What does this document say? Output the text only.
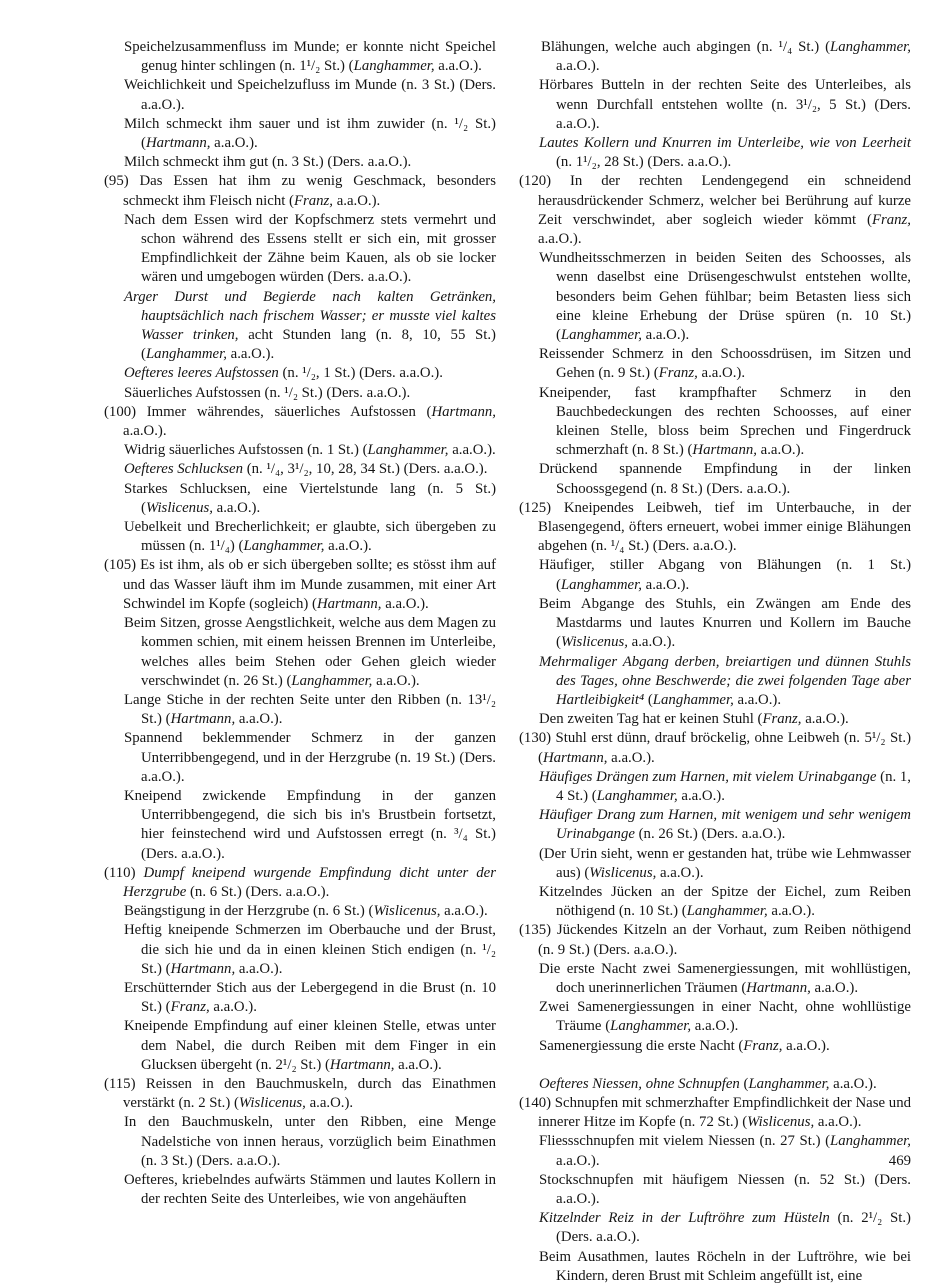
Speichelzusammenfluss im Munde; er konnte nicht Speichel genug hinter schlingen (n. 1¹/₂ St.) (Langhammer, a.a.O.).

Weichlichkeit und Speichelzufluss im Munde (n. 3 St.) (Ders. a.a.O.).

Milch schmeckt ihm sauer und ist ihm zuwider (n. ¹/₂ St.) (Hartmann, a.a.O.).

Milch schmeckt ihm gut (n. 3 St.) (Ders. a.a.O.).

(95) Das Essen hat ihm zu wenig Geschmack, besonders schmeckt ihm Fleisch nicht (Franz, a.a.O.).

Nach dem Essen wird der Kopfschmerz stets vermehrt und schon während des Essens stellt er sich ein, mit grosser Empfindlichkeit der Zähne beim Kauen, als ob sie locker wären und umgebogen würden (Ders. a.a.O.).

Arger Durst und Begierde nach kalten Getränken, hauptsächlich nach frischem Wasser; er musste viel kaltes Wasser trinken, acht Stunden lang (n. 8, 10, 55 St.) (Langhammer, a.a.O.).

Oefteres leeres Aufstossen (n. ¹/₂, 1 St.) (Ders. a.a.O.).

Säuerliches Aufstossen (n. ¹/₂ St.) (Ders. a.a.O.).

(100) Immer währendes, säuerliches Aufstossen (Hartmann, a.a.O.).

Widrig säuerliches Aufstossen (n. 1 St.) (Langhammer, a.a.O.).

Oefteres Schlucksen (n. ¹/₄, 3¹/₂, 10, 28, 34 St.) (Ders. a.a.O.).

Starkes Schlucksen, eine Viertelstunde lang (n. 5 St.) (Wislicenus, a.a.O.).

Uebelkeit und Brecherlichkeit; er glaubte, sich übergeben zu müssen (n. 1¹/₄) (Langhammer, a.a.O.).

(105) Es ist ihm, als ob er sich übergeben sollte; es stösst ihm auf und das Wasser läuft ihm im Munde zusammen, mit einer Art Schwindel im Kopfe (sogleich) (Hartmann, a.a.O.).

Beim Sitzen, grosse Aengstlichkeit, welche aus dem Magen zu kommen schien, mit einem heissen Brennen im Unterleibe, welches alles beim Stehen oder Gehen gleich wieder verschwindet (n. 26 St.) (Langhammer, a.a.O.).

Lange Stiche in der rechten Seite unter den Ribben (n. 13¹/₂ St.) (Hartmann, a.a.O.).

Spannend beklemmender Schmerz in der ganzen Unterribbengegend, und in der Herzgrube (n. 19 St.) (Ders. a.a.O.).

Kneipend zwickende Empfindung in der ganzen Unterribbengegend, die sich bis in's Brustbein fortsetzt, hier feinstechend wird und Aufstossen erregt (n. ³/₄ St.) (Ders. a.a.O.).

(110) Dumpf kneipend wurgende Empfindung dicht unter der Herzgrube (n. 6 St.) (Ders. a.a.O.).

Beängstigung in der Herzgrube (n. 6 St.) (Wislicenus, a.a.O.).

Heftig kneipende Schmerzen im Oberbauche und der Brust, die sich hie und da in einen kleinen Stich endigen (n. ¹/₂ St.) (Hartmann, a.a.O.).

Erschütternder Stich aus der Lebergegend in die Brust (n. 10 St.) (Franz, a.a.O.).

Kneipende Empfindung auf einer kleinen Stelle, etwas unter dem Nabel, die durch Reiben mit dem Finger in ein Glucksen übergeht (n. 2¹/₂ St.) (Hartmann, a.a.O.).

(115) Reissen in den Bauchmuskeln, durch das Einathmen verstärkt (n. 2 St.) (Wislicenus, a.a.O.).

In den Bauchmuskeln, unter den Ribben, eine Menge Nadelstiche von innen heraus, vorzüglich beim Einathmen (n. 3 St.) (Ders. a.a.O.).

Oefteres, kriebelndes aufwärts Stämmen und lautes Kollern in der rechten Seite des Unterleibes, wie von angehäuften

Blähungen, welche auch abgingen (n. ¹/₄ St.) (Langhammer, a.a.O.).

Hörbares Butteln in der rechten Seite des Unterleibes, als wenn Durchfall entstehen wollte (n. 3¹/₂, 5 St.) (Ders. a.a.O.).

Lautes Kollern und Knurren im Unterleibe, wie von Leerheit (n. 1¹/₂, 28 St.) (Ders. a.a.O.).

(120) In der rechten Lendengegend ein schneidend herausdrückender Schmerz, welcher bei Berührung auf kurze Zeit verschwindet, aber sogleich wieder kömmt (Franz, a.a.O.).

Wundheitsschmerzen in beiden Seiten des Schoosses, als wenn daselbst eine Drüsengeschwulst entstehen wollte, besonders beim Gehen fühlbar; beim Betasten liess sich eine kleine Erhebung der Drüse spüren (n. 10 St.) (Langhammer, a.a.O.).

Reissender Schmerz in den Schoossdrüsen, im Sitzen und Gehen (n. 9 St.) (Franz, a.a.O.).

Kneipender, fast krampfhafter Schmerz in den Bauchbedeckungen des rechten Schoosses, auf einer kleinen Stelle, bloss beim Sprechen und Fingerdruck schmerzhaft (n. 8 St.) (Hartmann, a.a.O.).

Drückend spannende Empfindung in der linken Schoossgegend (n. 8 St.) (Ders. a.a.O.).

(125) Kneipendes Leibweh, tief im Unterbauche, in der Blasengegend, öfters erneuert, wobei immer einige Blähungen abgehen (n. ¹/₄ St.) (Ders. a.a.O.).

Häufiger, stiller Abgang von Blähungen (n. 1 St.) (Langhammer, a.a.O.).

Beim Abgange des Stuhls, ein Zwängen am Ende des Mastdarms und lautes Knurren und Kollern im Bauche (Wislicenus, a.a.O.).

Mehrmaliger Abgang derben, breiartigen und dünnen Stuhls des Tages, ohne Beschwerde; die zwei folgenden Tage aber Hartleibigkeit⁴ (Langhammer, a.a.O.).

Den zweiten Tag hat er keinen Stuhl (Franz, a.a.O.).

(130) Stuhl erst dünn, drauf bröckelig, ohne Leibweh (n. 5¹/₂ St.) (Hartmann, a.a.O.).

Häufiges Drängen zum Harnen, mit vielem Urinabgange (n. 1, 4 St.) (Langhammer, a.a.O.).

Häufiger Drang zum Harnen, mit wenigem und sehr wenigem Urinabgange (n. 26 St.) (Ders. a.a.O.).

(Der Urin sieht, wenn er gestanden hat, trübe wie Lehmwasser aus) (Wislicenus, a.a.O.).

Kitzelndes Jücken an der Spitze der Eichel, zum Reiben nöthigend (n. 10 St.) (Langhammer, a.a.O.).

(135) Jückendes Kitzeln an der Vorhaut, zum Reiben nöthigend (n. 9 St.) (Ders. a.a.O.).

Die erste Nacht zwei Samenergiessungen, mit wohllüstigen, doch unerinnerlichen Träumen (Hartmann, a.a.O.).

Zwei Samenergiessungen in einer Nacht, ohne wohllüstige Träume (Langhammer, a.a.O.).

Samenergiessung die erste Nacht (Franz, a.a.O.).

Oefteres Niessen, ohne Schnupfen (Langhammer, a.a.O.).

(140) Schnupfen mit schmerzhafter Empfindlichkeit der Nase und innerer Hitze im Kopfe (n. 72 St.) (Wislicenus, a.a.O.).

Fliessschnupfen mit vielem Niessen (n. 27 St.) (Langhammer, a.a.O.).

Stockschnupfen mit häufigem Niessen (n. 52 St.) (Ders. a.a.O.).

Kitzelnder Reiz in der Luftröhre zum Hüsteln (n. 2¹/₂ St.) (Ders. a.a.O.).

Beim Ausathmen, lautes Röcheln in der Luftröhre, wie bei Kindern, deren Brust mit Schleim angefüllt ist, eine

469
